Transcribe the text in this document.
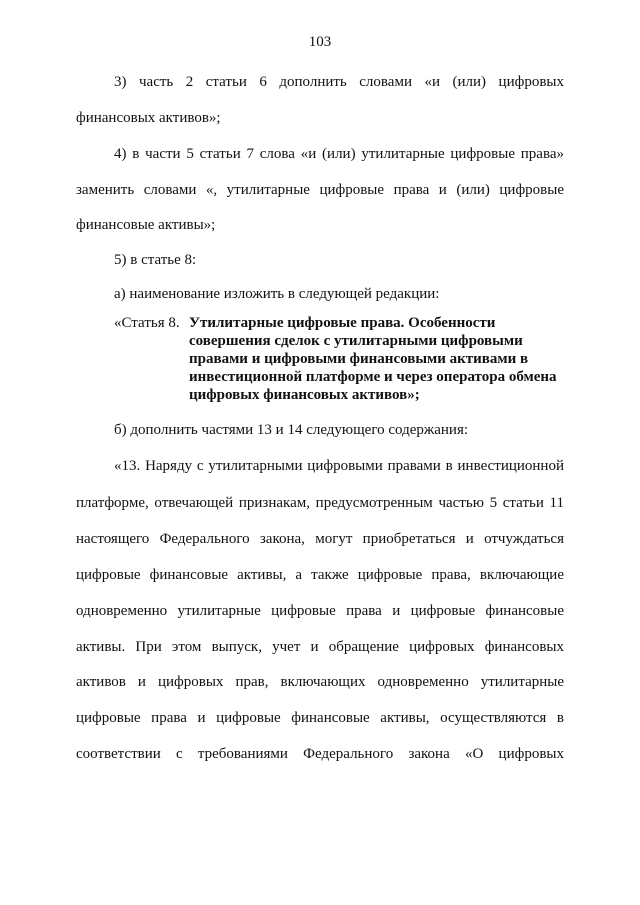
103
3) часть 2 статьи 6 дополнить словами «и (или) цифровых
финансовых активов»;
4) в части 5 статьи 7 слова «и (или) утилитарные цифровые права»
заменить словами «, утилитарные цифровые права и (или) цифровые
финансовые активы»;
5) в статье 8:
а) наименование изложить в следующей редакции:
б) дополнить частями 13 и 14 следующего содержания:
«13. Наряду с утилитарными цифровыми правами в инвестиционной
платформе, отвечающей признакам, предусмотренным частью 5 статьи 11
настоящего Федерального закона, могут приобретаться и отчуждаться
цифровые финансовые активы, а также цифровые права, включающие
одновременно утилитарные цифровые права и цифровые финансовые
активы. При этом выпуск, учет и обращение цифровых финансовых
активов и цифровых прав, включающих одновременно утилитарные
цифровые права и цифровые финансовые активы, осуществляются в
соответствии с требованиями Федерального закона «О цифровых
«Статья 8. Утилитарные цифровые права. Особенности
совершения сделок с утилитарными цифровыми
правами и цифровыми финансовыми активами в
инвестиционной платформе и через оператора обмена
цифровых финансовых активов»;
